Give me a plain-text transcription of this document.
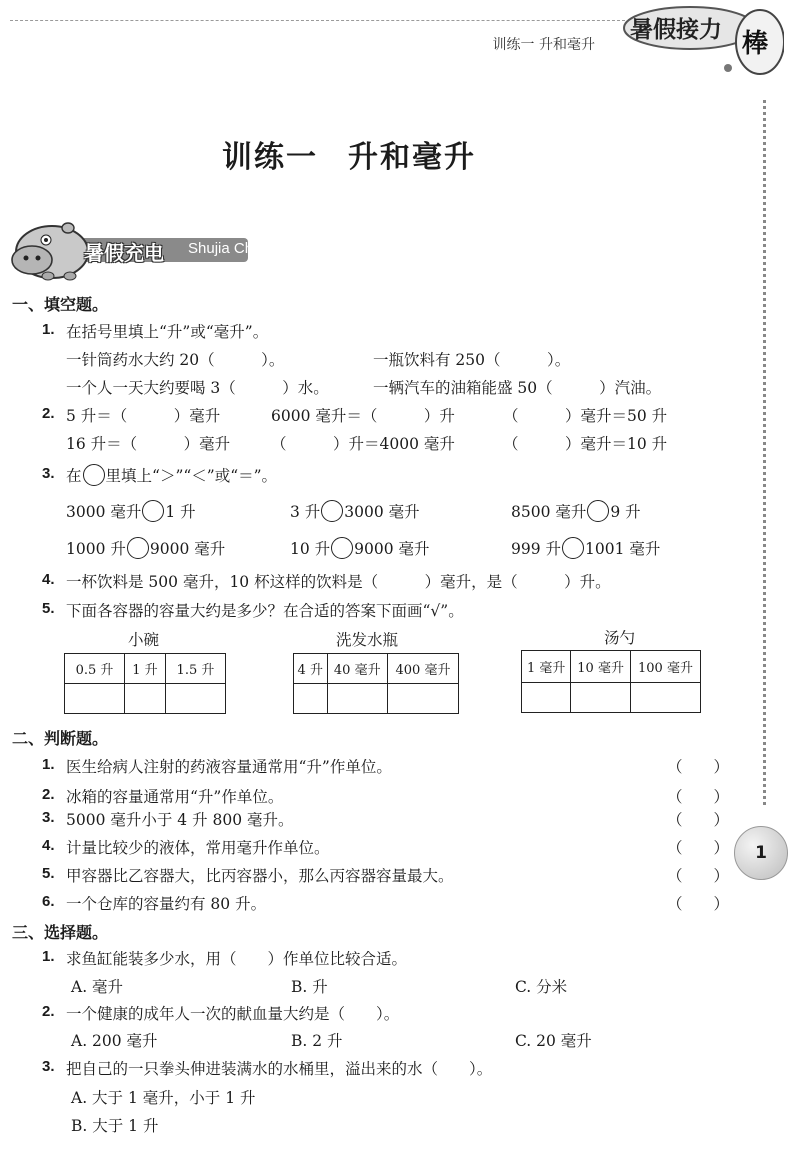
训练一 升和毫升
暑假接力 棒
训练一 升和毫升
暑假充电 Shujia Chongdian
一、填空题。
1. 在括号里填上“升”或“毫升”。
一针筒药水大约 20（　　　）。	一瓶饮料有 250（　　　）。
一个人一天大约要喝 3（　　　）水。	一辆汽车的油箱能盛 50（　　　）汽油。
2. 5 升＝（　　　）毫升	6000 毫升＝（　　　）升	（　　　）毫升＝50 升
16 升＝（　　　）毫升	（　　　）升＝4000 毫升	（　　　）毫升＝10 升
3. 在 里填上“＞”“＜”或“＝”。
3000 毫升 1 升	3 升 3000 毫升	8500 毫升 9 升
1000 升 9000 毫升	10 升 9000 毫升	999 升 1001 毫升
4. 一杯饮料是 500 毫升，10 杯这样的饮料是（　　　）毫升，是（　　　）升。
5. 下面各容器的容量大约是多少？在合适的答案下面画“√”。
小碗
0.5 升	1 升	1.5 升

洗发水瓶
4 升	40 毫升	400 毫升

汤勺
1 毫升	10 毫升	100 毫升

二、判断题。
1. 医生给病人注射的药液容量通常用“升”作单位。	（　　）
2. 冰箱的容量通常用“升”作单位。	（　　）
3. 5000 毫升小于 4 升 800 毫升。	（　　）
4. 计量比较少的液体，常用毫升作单位。	（　　）
5. 甲容器比乙容器大，比丙容器小，那么丙容器容量最大。	（　　）
6. 一个仓库的容量约有 80 升。	（　　）
1
三、选择题。
1. 求鱼缸能装多少水，用（　　）作单位比较合适。
A. 毫升	B. 升	C. 分米
2. 一个健康的成年人一次的献血量大约是（　　）。
A. 200 毫升	B. 2 升	C. 20 毫升
3. 把自己的一只拳头伸进装满水的水桶里，溢出来的水（　　）。
A. 大于 1 毫升，小于 1 升
B. 大于 1 升
